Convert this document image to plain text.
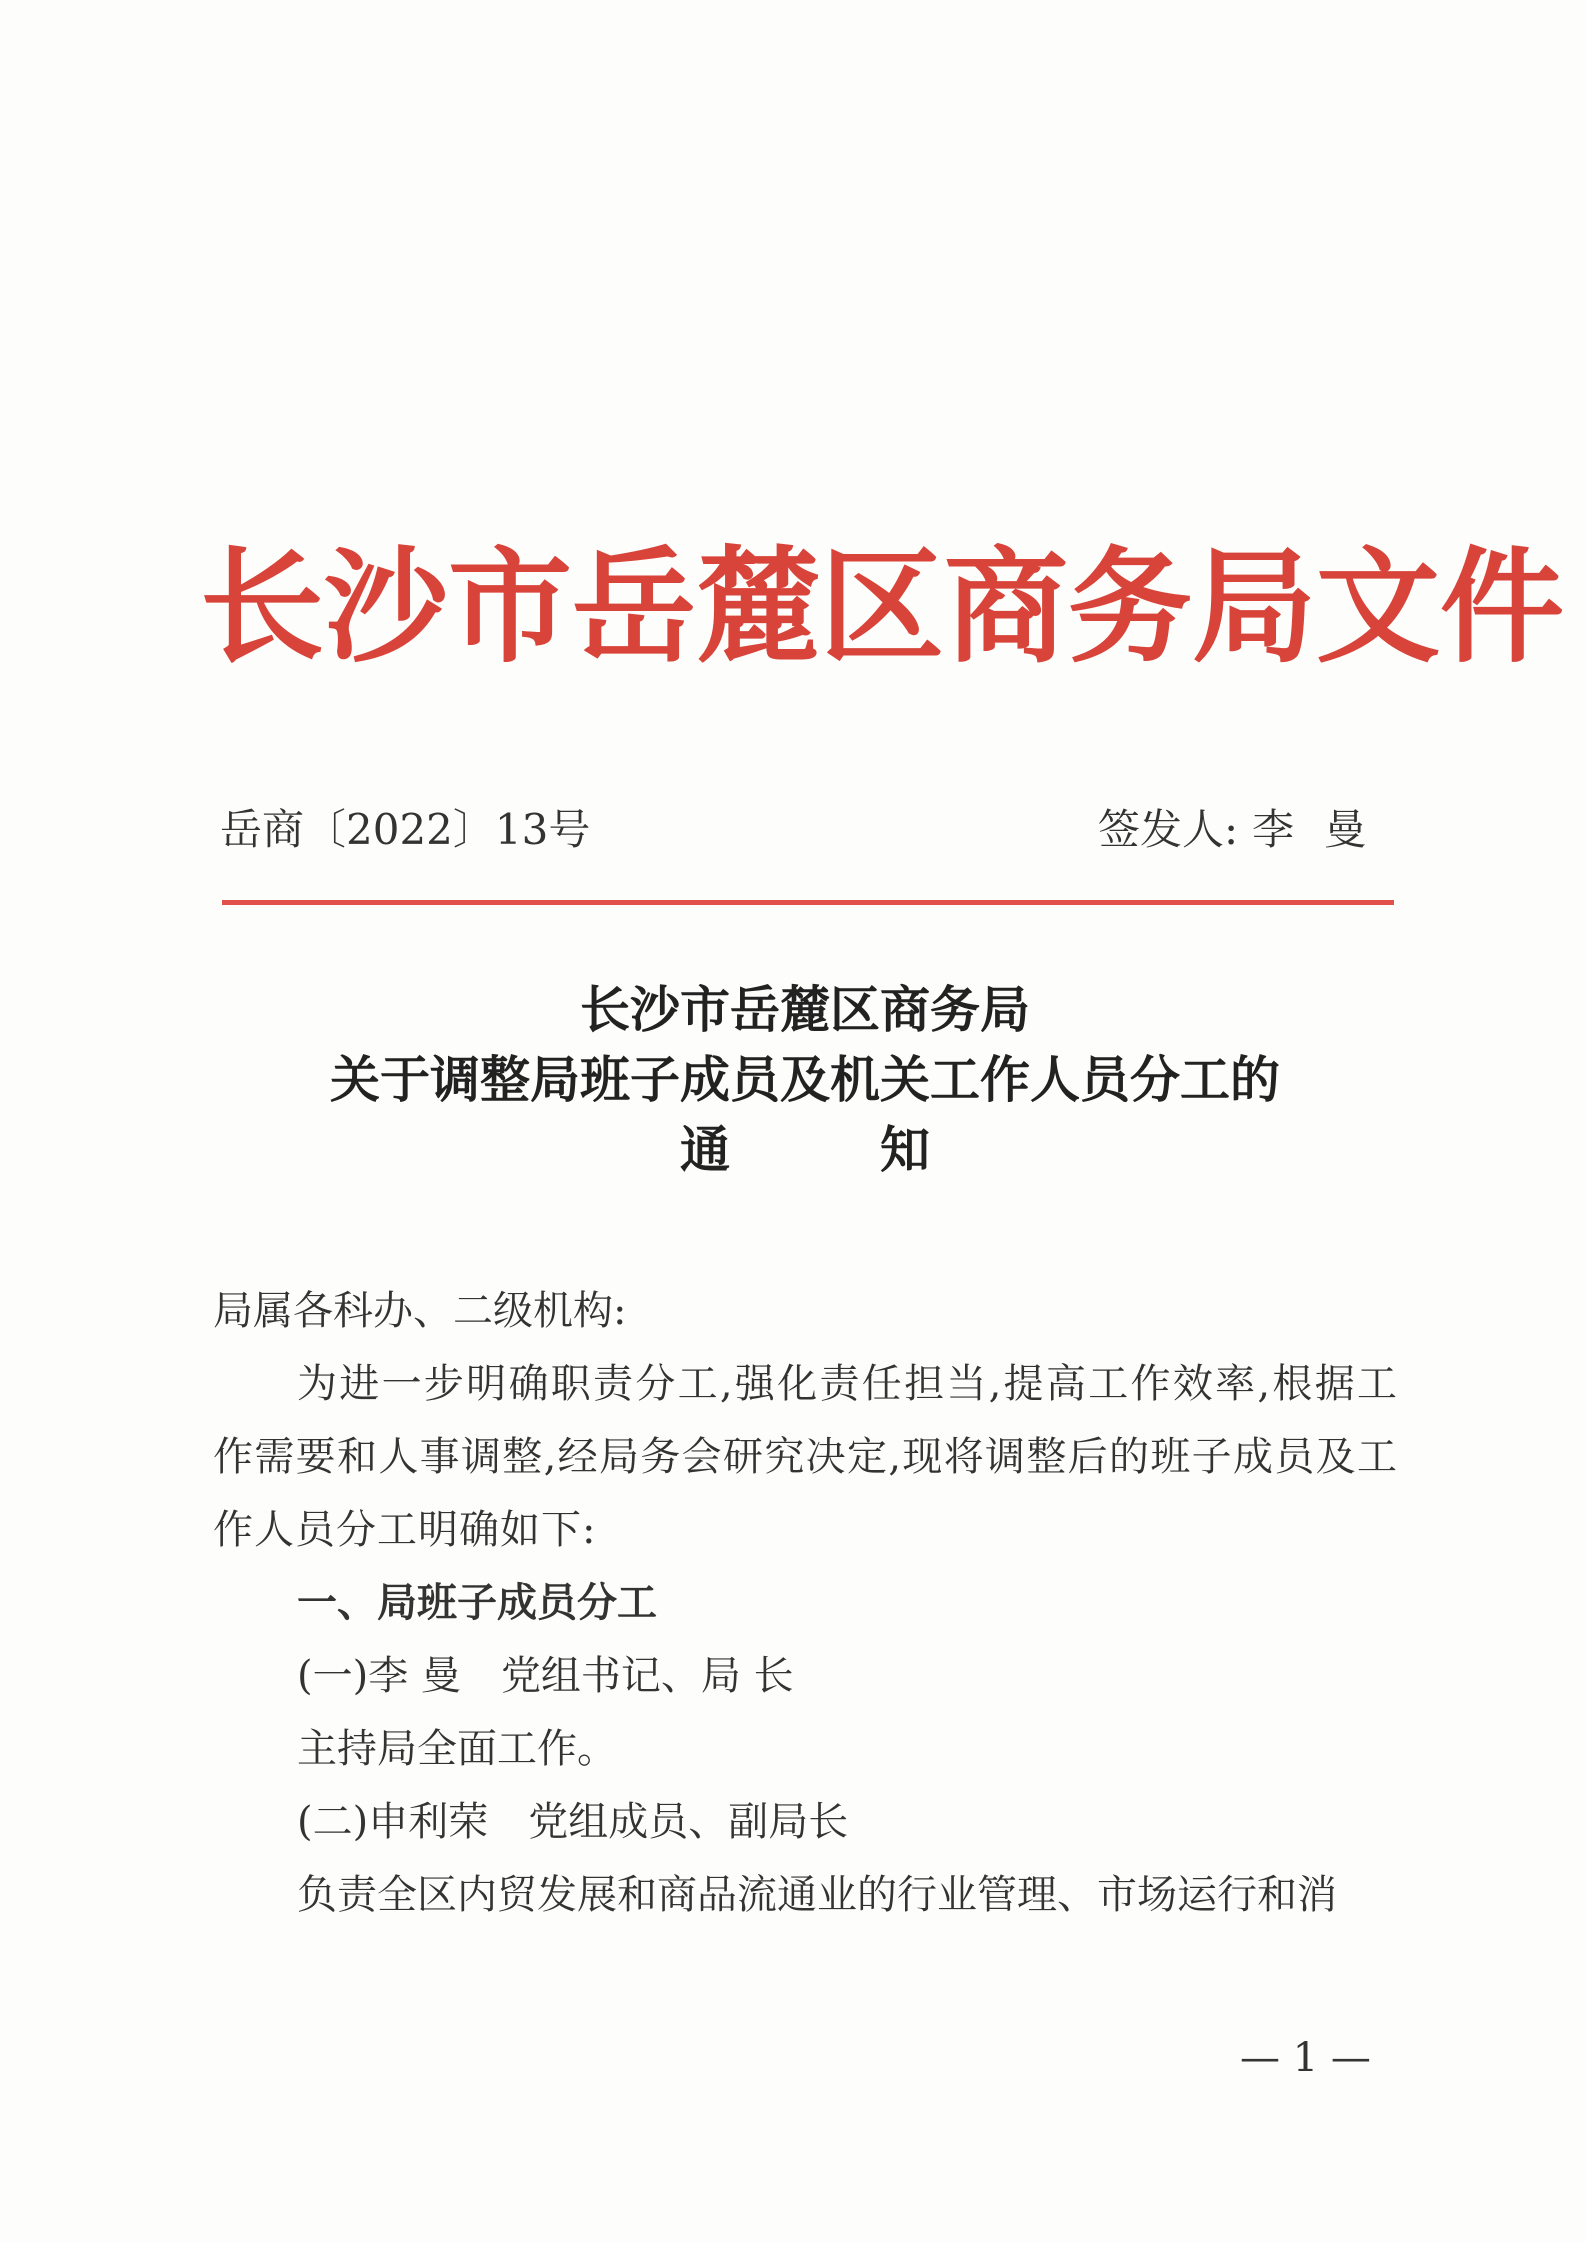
长沙市岳麓区商务局文件
岳商〔2022〕13号	签发人: 李曼
长沙市岳麓区商务局
关于调整局班子成员及机关工作人员分工的
通知

局属各科办、二级机构:

为进一步明确职责分工,强化责任担当,提高工作效率,根据工作需要和人事调整,经局务会研究决定,现将调整后的班子成员及工作人员分工明确如下:

一、局班子成员分工

(一)李 曼 党组书记、局 长

主持局全面工作。

(二)申利荣 党组成员、副局长

负责全区内贸发展和商品流通业的行业管理、市场运行和消

— 1 —
